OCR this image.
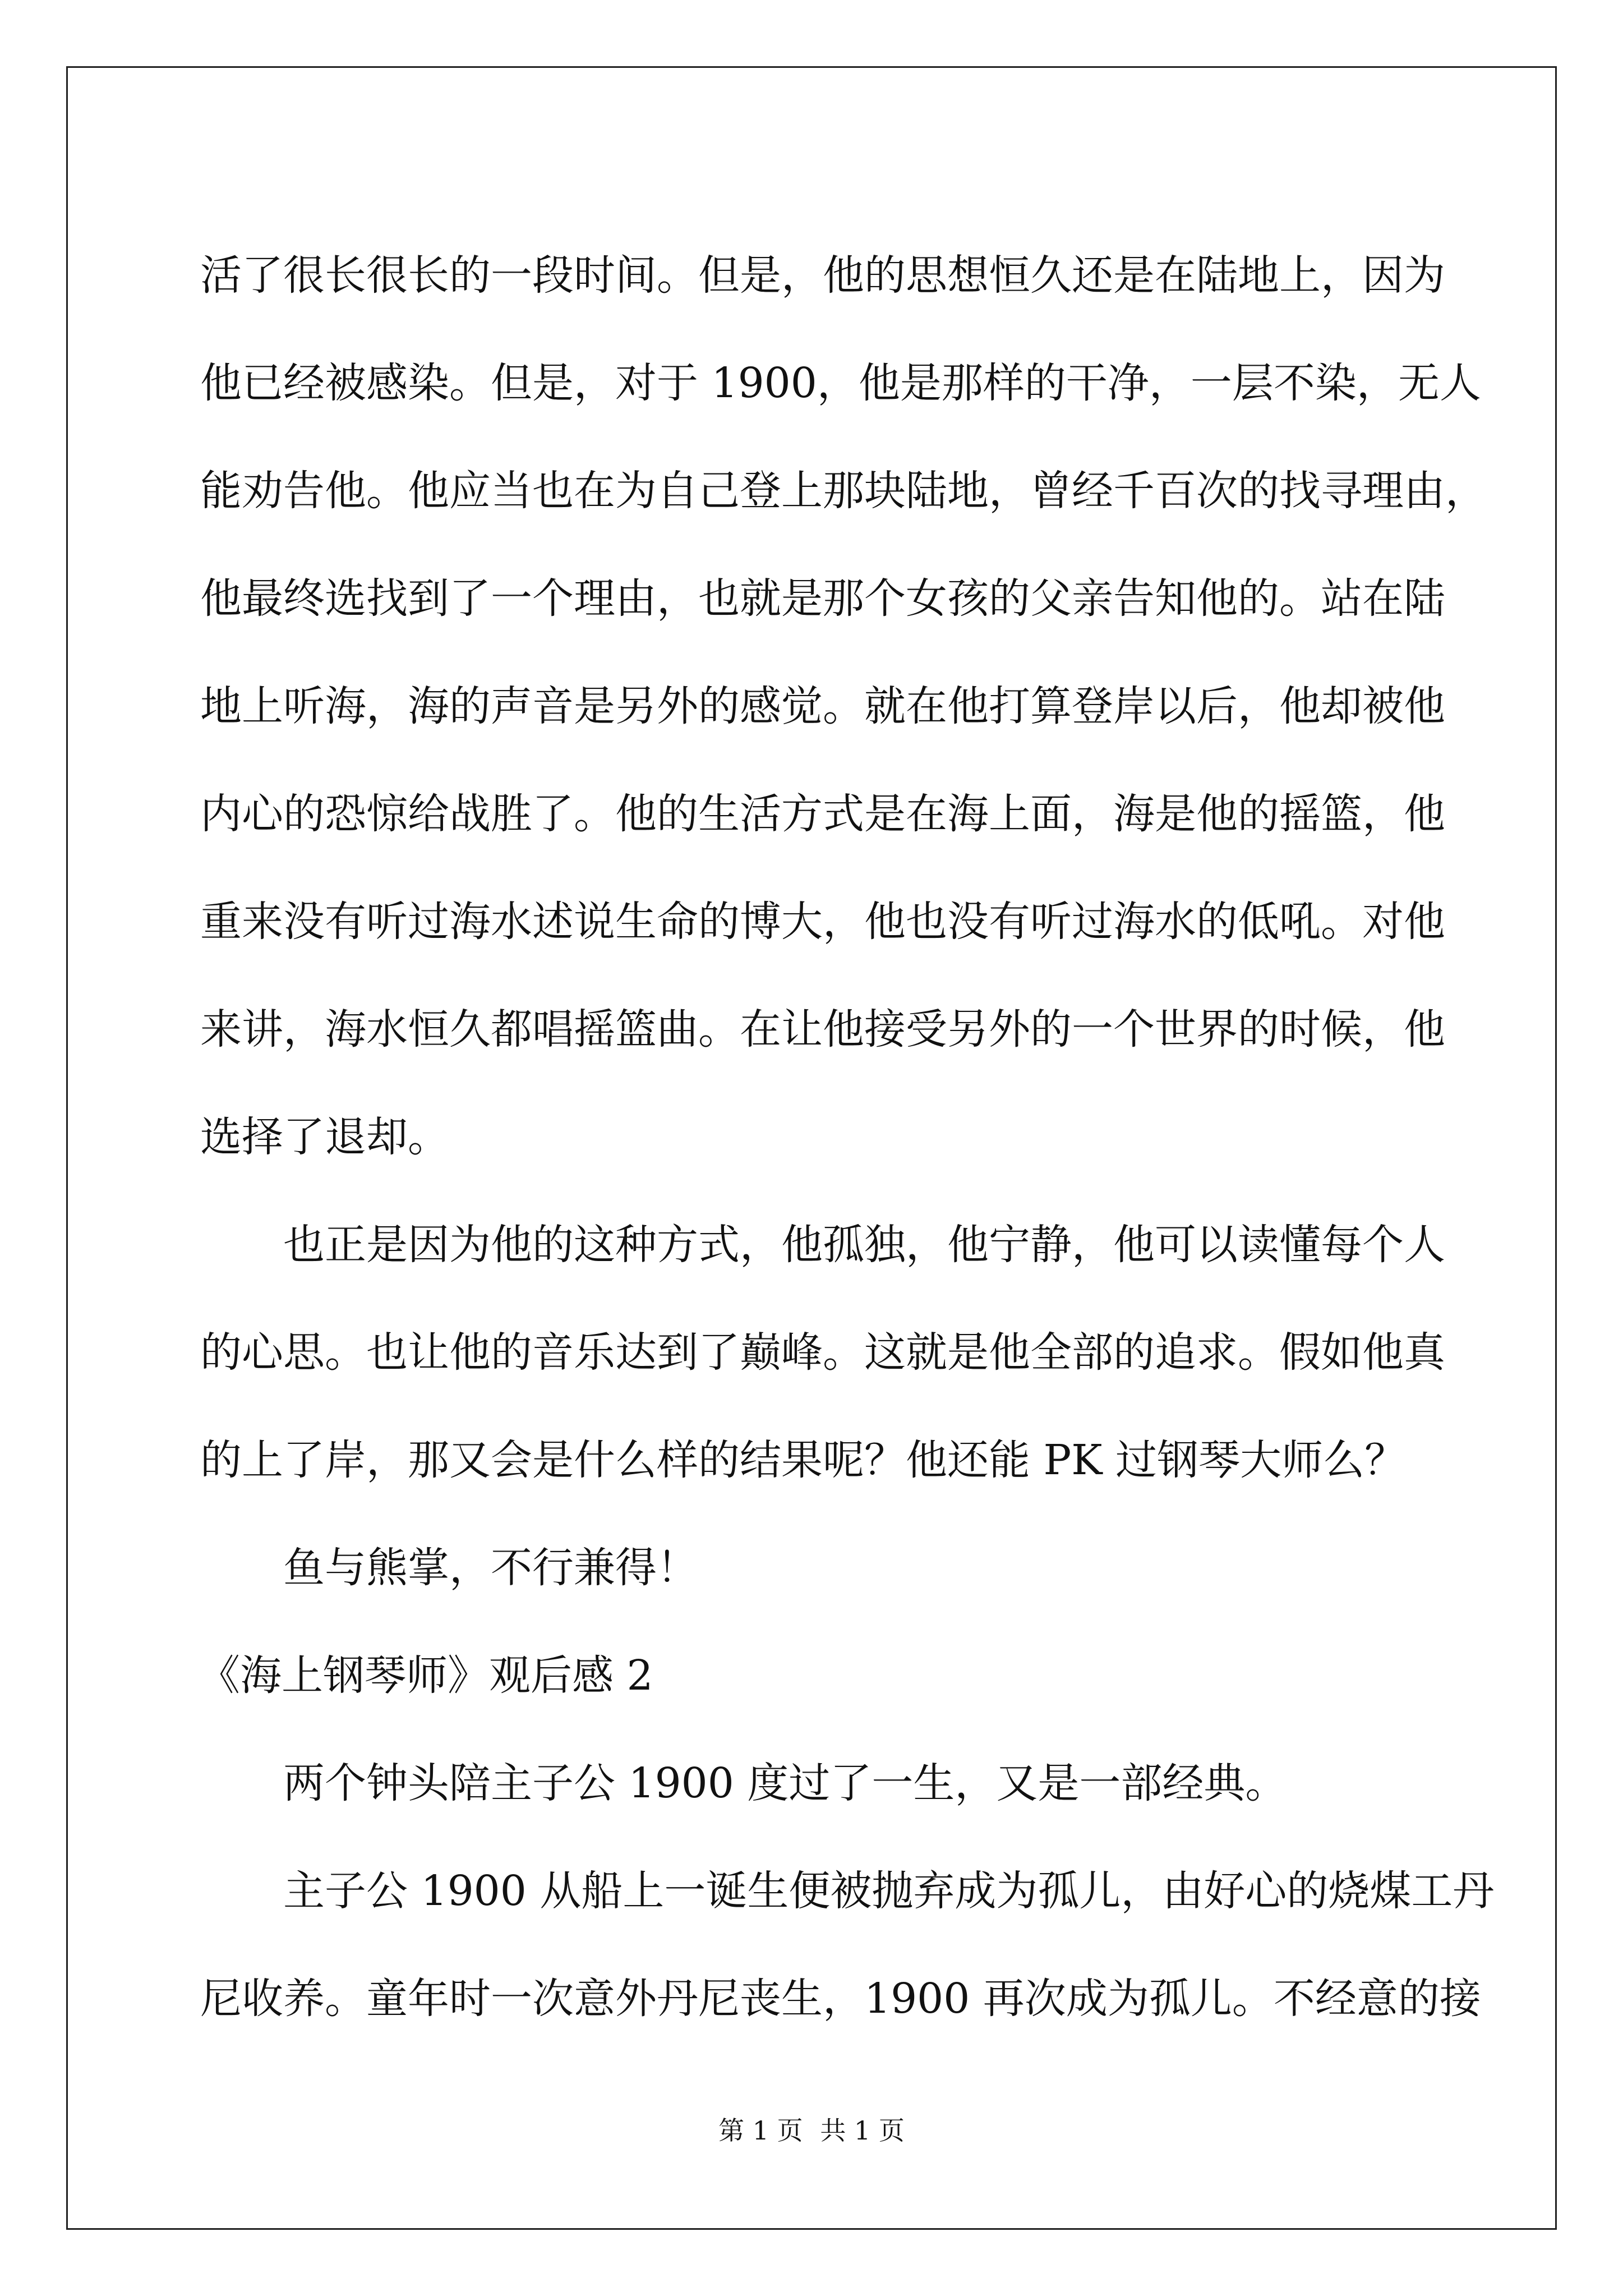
活了很长很长的一段时间。但是，他的思想恒久还是在陆地上，因为
他已经被感染。但是，对于 1900，他是那样的干净，一层不染，无人
能劝告他。他应当也在为自己登上那块陆地，曾经千百次的找寻理由，
他最终选找到了一个理由，也就是那个女孩的父亲告知他的。站在陆
地上听海，海的声音是另外的感觉。就在他打算登岸以后，他却被他
内心的恐惊给战胜了。他的生活方式是在海上面，海是他的摇篮，他
重来没有听过海水述说生命的博大，他也没有听过海水的低吼。对他
来讲，海水恒久都唱摇篮曲。在让他接受另外的一个世界的时候，他
选择了退却。
也正是因为他的这种方式，他孤独，他宁静，他可以读懂每个人
的心思。也让他的音乐达到了巅峰。这就是他全部的追求。假如他真
的上了岸，那又会是什么样的结果呢？他还能 PK 过钢琴大师么？
鱼与熊掌，不行兼得！
《海上钢琴师》观后感 2
两个钟头陪主子公 1900 度过了一生，又是一部经典。
主子公 1900 从船上一诞生便被抛弃成为孤儿，由好心的烧煤工丹
尼收养。童年时一次意外丹尼丧生，1900 再次成为孤儿。不经意的接
第 1 页 共 1 页
